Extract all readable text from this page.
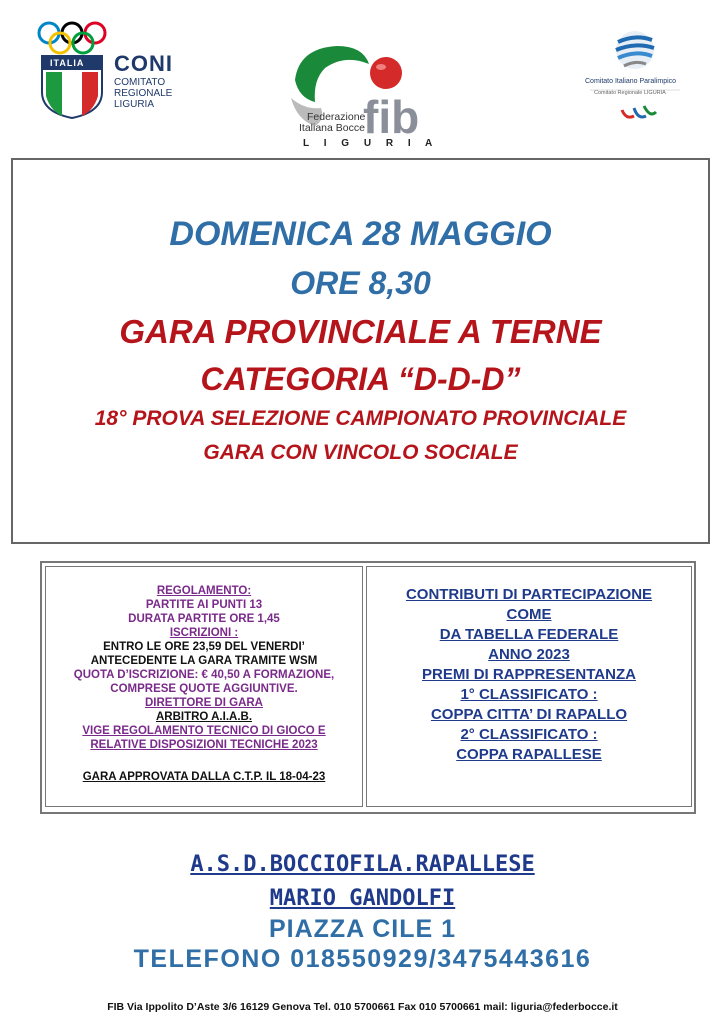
ITALIA CONI
COMITATO
REGIONALE
LIGURIA	fib
Federazione
Italiana Bocce
L I G U R I A
Comitato Italiano Paralimpico
Comitato Regionale LIGURIA
DOMENICA 28 MAGGIO
ORE 8,30
GARA PROVINCIALE A TERNE
CATEGORIA “D-D-D”
18° PROVA SELEZIONE CAMPIONATO PROVINCIALE
GARA CON VINCOLO SOCIALE
REGOLAMENTO:
PARTITE AI PUNTI 13
DURATA PARTITE ORE 1,45
ISCRIZIONI :
ENTRO LE ORE 23,59 DEL VENERDI’
ANTECEDENTE LA GARA TRAMITE WSM
QUOTA D’ISCRIZIONE: € 40,50 A FORMAZIONE,
COMPRESE QUOTE AGGIUNTIVE.
DIRETTORE DI GARA
ARBITRO A.I.A.B.
VIGE REGOLAMENTO TECNICO DI GIOCO E
RELATIVE DISPOSIZIONI TECNICHE 2023
GARA APPROVATA DALLA C.T.P. IL 18-04-23
CONTRIBUTI DI PARTECIPAZIONE
COME
DA TABELLA FEDERALE
ANNO 2023
PREMI DI RAPPRESENTANZA
1° CLASSIFICATO :
COPPA CITTA’ DI RAPALLO
2° CLASSIFICATO :
COPPA RAPALLESE
A.S.D.BOCCIOFILA.RAPALLESE
MARIO GANDOLFI
PIAZZA CILE 1
TELEFONO 018550929/3475443616
FIB Via Ippolito D’Aste 3/6 16129 Genova Tel. 010 5700661 Fax 010 5700661 mail: liguria@federbocce.it
